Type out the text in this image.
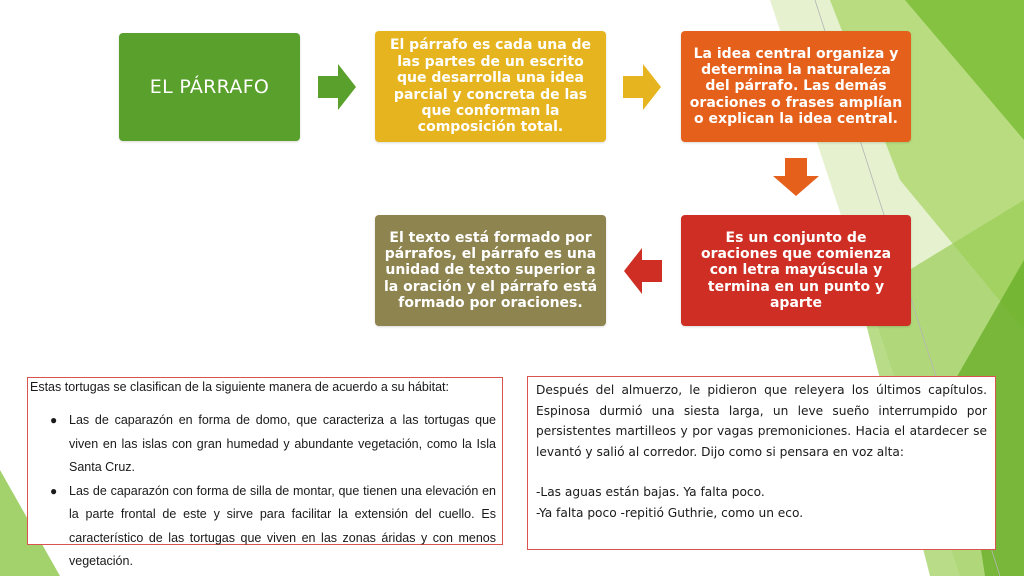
EL PÁRRAFO
El párrafo es cada una de las partes de un escrito que desarrolla una idea parcial y concreta de las que conforman la composición total.
La idea central organiza y determina la naturaleza del párrafo. Las demás oraciones o frases amplían o explican la idea central.
Es un conjunto de oraciones que comienza con letra mayúscula y termina en un punto y aparte
El texto está formado por párrafos, el párrafo es una unidad de texto superior a la oración y el párrafo está formado por oraciones.
Estas tortugas se clasifican de la siguiente manera de acuerdo a su hábitat:
● Las de caparazón en forma de domo, que caracteriza a las tortugas que viven en las islas con gran humedad y abundante vegetación, como la Isla Santa Cruz.
● Las de caparazón con forma de silla de montar, que tienen una elevación en la parte frontal de este y sirve para facilitar la extensión del cuello. Es característico de las tortugas que viven en las zonas áridas y con menos vegetación.

Después del almuerzo, le pidieron que releyera los últimos capítulos. Espinosa durmió una siesta larga, un leve sueño interrumpido por persistentes martilleos y por vagas premoniciones. Hacia el atardecer se levantó y salió al corredor. Dijo como si pensara en voz alta:

-Las aguas están bajas. Ya falta poco.

-Ya falta poco -repitió Guthrie, como un eco.
